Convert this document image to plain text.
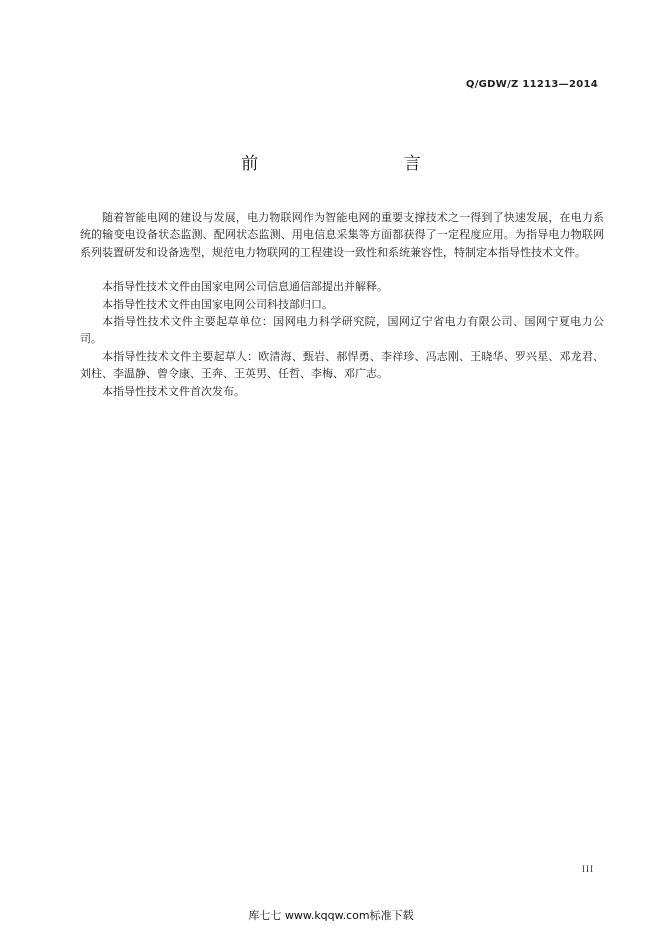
Q/GDW/Z 11213—2014
前 言

随着智能电网的建设与发展，电力物联网作为智能电网的重要支撑技术之一得到了快速发展，在电力系统的输变电设备状态监测、配网状态监测、用电信息采集等方面都获得了一定程度应用。为指导电力物联网系列装置研发和设备选型，规范电力物联网的工程建设一致性和系统兼容性，特制定本指导性技术文件。

本指导性技术文件由国家电网公司信息通信部提出并解释。

本指导性技术文件由国家电网公司科技部归口。

本指导性技术文件主要起草单位：国网电力科学研究院，国网辽宁省电力有限公司、国网宁夏电力公司。

本指导性技术文件主要起草人：欧清海、甄岩、郝悍勇、李祥珍、冯志刚、王晓华、罗兴星、邓龙君、刘柱、李温静、曾令康、王奔、王英男、任哲、李梅、邓广志。

本指导性技术文件首次发布。

III
库七七 www.kqqw.com标准下载
